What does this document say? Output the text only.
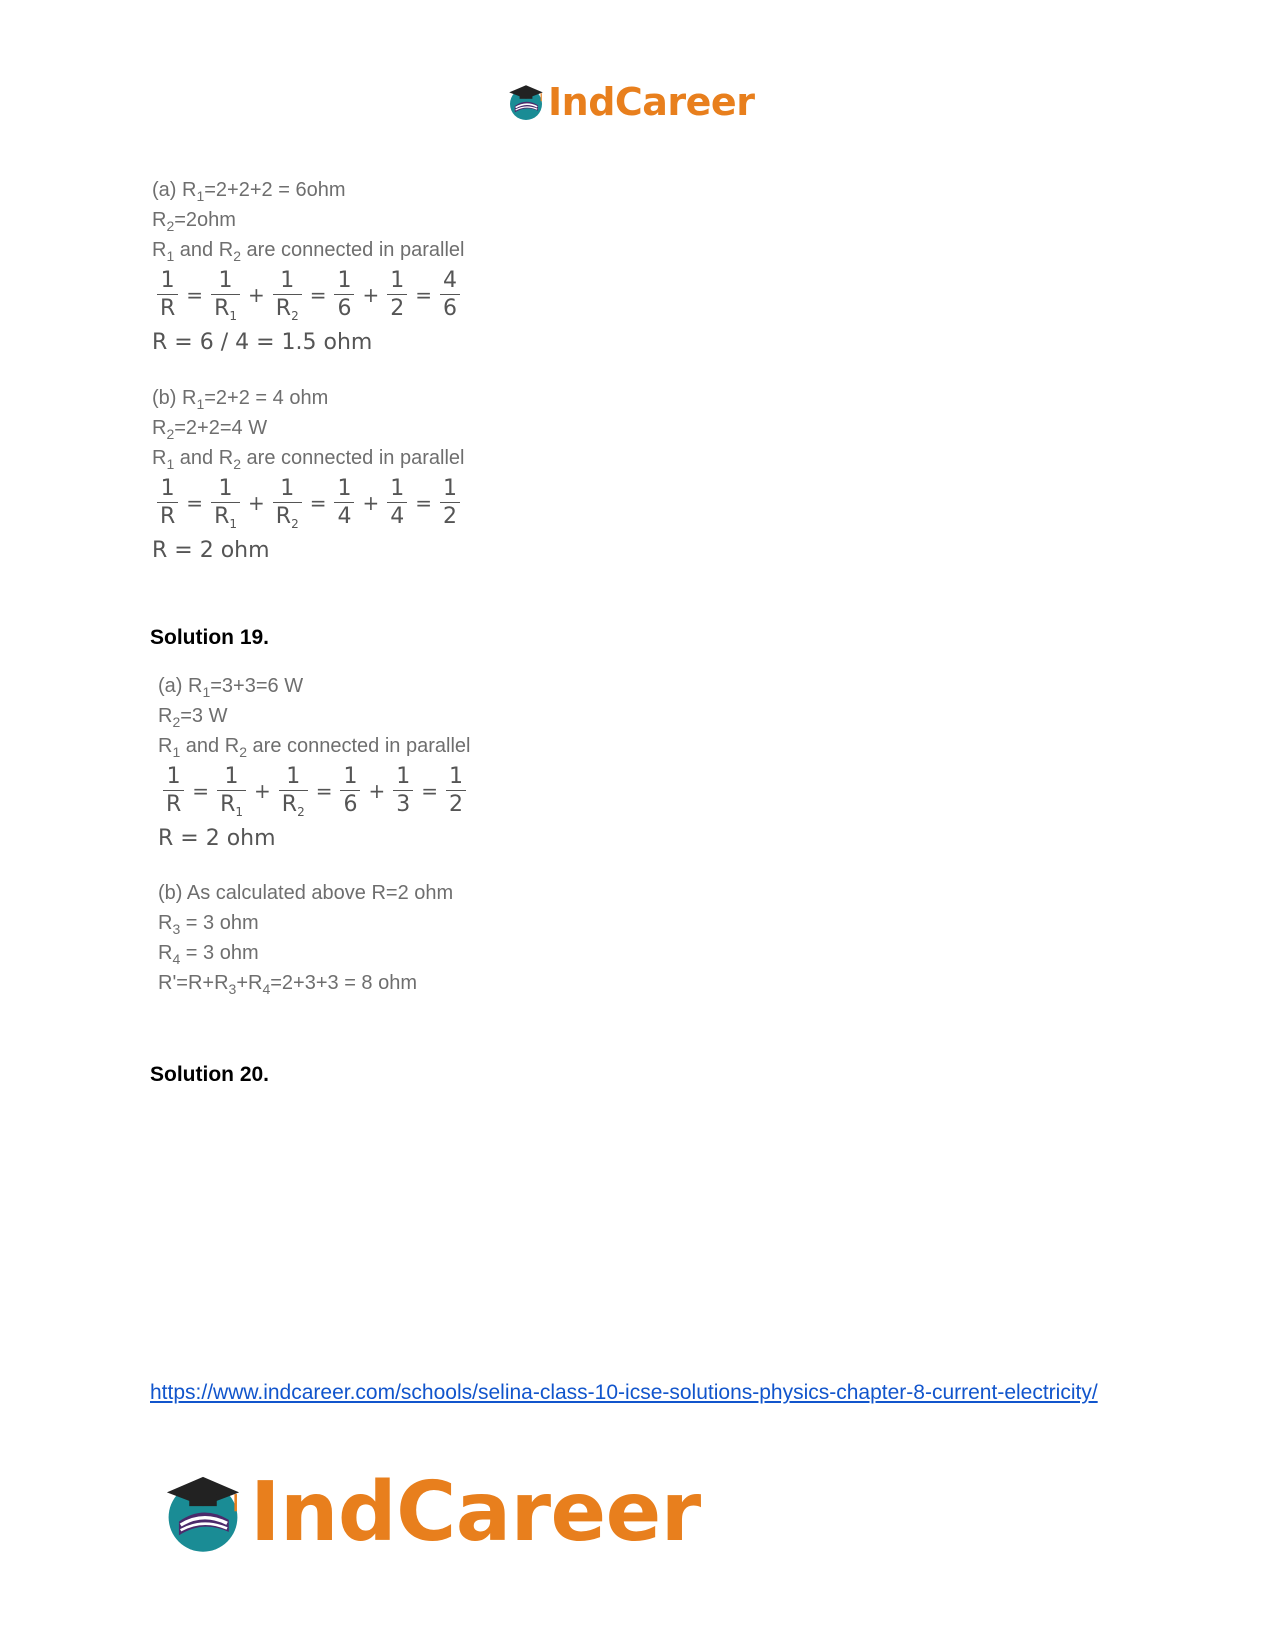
IndCareer
(a) $R_1=2+2+2 = 6ohm$
$R_2=2ohm$
$R_1$ and $R_2$ are connected in parallel
$\frac{1}{R} = \frac{1}{R_1} + \frac{1}{R_2} = \frac{1}{6} + \frac{1}{2} = \frac{4}{6}$
R = 6 / 4 = 1.5 ohm
(b) $R_1=2+2 = 4$ ohm
$R_2=2+2=4$ W
$R_1$ and $R_2$ are connected in parallel
$\frac{1}{R} = \frac{1}{R_1} + \frac{1}{R_2} = \frac{1}{4} + \frac{1}{4} = \frac{1}{2}$
R = 2 ohm
Solution 19.
(a) $R_1=3+3=6$ W
$R_2=3$ W
$R_1$ and $R_2$ are connected in parallel
$\frac{1}{R} = \frac{1}{R_1} + \frac{1}{R_2} = \frac{1}{6} + \frac{1}{3} = \frac{1}{2}$
R = 2 ohm
(b) As calculated above R=2 ohm
$R_3 = 3$ ohm
$R_4 = 3$ ohm
$R'=R+R_3+R_4=2+3+3 = 8$ ohm
Solution 20.
https://www.indcareer.com/schools/selina-class-10-icse-solutions-physics-chapter-8-current-electricity/
IndCareer
